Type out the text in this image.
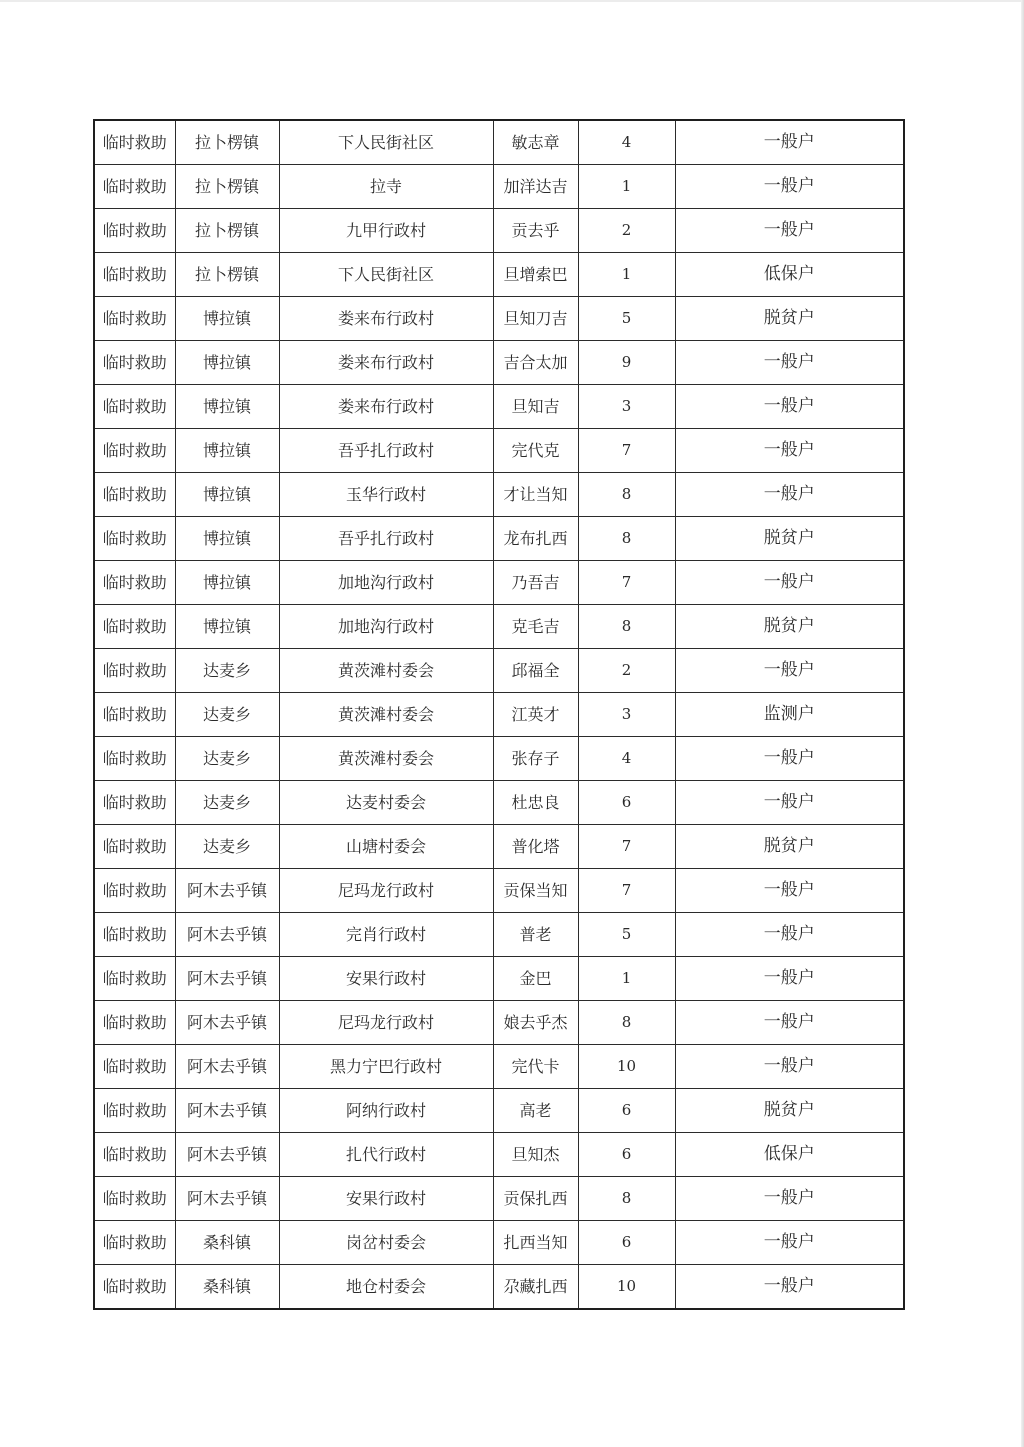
临时救助	拉卜楞镇	下人民街社区	敏志章	4	一般户
临时救助	拉卜楞镇	拉寺	加洋达吉	1	一般户
临时救助	拉卜楞镇	九甲行政村	贡去乎	2	一般户
临时救助	拉卜楞镇	下人民街社区	旦增索巴	1	低保户
临时救助	博拉镇	娄来布行政村	旦知刀吉	5	脱贫户
临时救助	博拉镇	娄来布行政村	吉合太加	9	一般户
临时救助	博拉镇	娄来布行政村	旦知吉	3	一般户
临时救助	博拉镇	吾乎扎行政村	完代克	7	一般户
临时救助	博拉镇	玉华行政村	才让当知	8	一般户
临时救助	博拉镇	吾乎扎行政村	龙布扎西	8	脱贫户
临时救助	博拉镇	加地沟行政村	乃吾吉	7	一般户
临时救助	博拉镇	加地沟行政村	克毛吉	8	脱贫户
临时救助	达麦乡	黄茨滩村委会	邱福全	2	一般户
临时救助	达麦乡	黄茨滩村委会	江英才	3	监测户
临时救助	达麦乡	黄茨滩村委会	张存子	4	一般户
临时救助	达麦乡	达麦村委会	杜忠良	6	一般户
临时救助	达麦乡	山塘村委会	普化塔	7	脱贫户
临时救助	阿木去乎镇	尼玛龙行政村	贡保当知	7	一般户
临时救助	阿木去乎镇	完肖行政村	普老	5	一般户
临时救助	阿木去乎镇	安果行政村	金巴	1	一般户
临时救助	阿木去乎镇	尼玛龙行政村	娘去乎杰	8	一般户
临时救助	阿木去乎镇	黑力宁巴行政村	完代卡	10	一般户
临时救助	阿木去乎镇	阿纳行政村	高老	6	脱贫户
临时救助	阿木去乎镇	扎代行政村	旦知杰	6	低保户
临时救助	阿木去乎镇	安果行政村	贡保扎西	8	一般户
临时救助	桑科镇	岗岔村委会	扎西当知	6	一般户
临时救助	桑科镇	地仓村委会	尕藏扎西	10	一般户
